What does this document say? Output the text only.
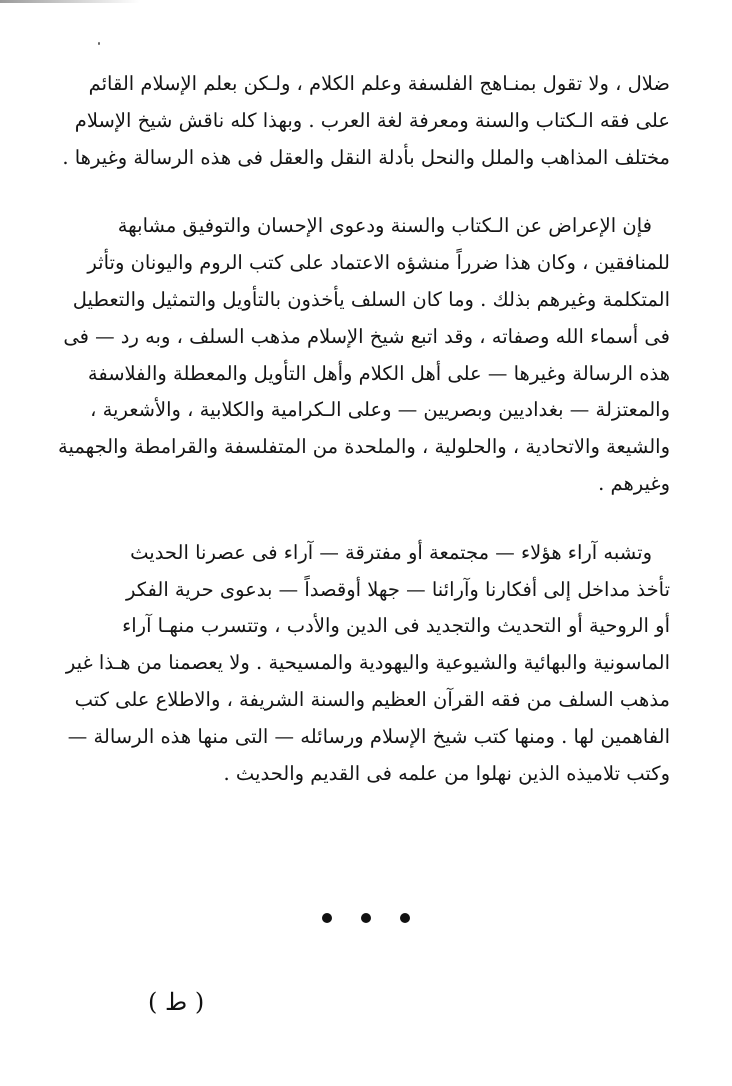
ضلال ، ولا تقول بمنـاهج الفلسفة وعلم الكلام ، ولـكن بعلم الإسلام القائم
على فقه الـكتاب والسنة ومعرفة لغة العرب . وبهذا كله ناقش شيخ الإسلام
مختلف المذاهب والملل والنحل بأدلة النقل والعقل فى هذه الرسالة وغيرها .

فإن الإعراض عن الـكتاب والسنة ودعوى الإحسان والتوفيق مشابهة
للمنافقين ، وكان هذا ضرراً منشؤه الاعتماد على كتب الروم واليونان وتأثر
المتكلمة وغيرهم بذلك . وما كان السلف يأخذون بالتأويل والتمثيل والتعطيل
فى أسماء الله وصفاته ، وقد اتبع شيخ الإسلام مذهب السلف ، وبه رد — فى
هذه الرسالة وغيرها — على أهل الكلام وأهل التأويل والمعطلة والفلاسفة
والمعتزلة — بغداديين وبصريين — وعلى الـكرامية والكلابية ، والأشعرية ،
والشيعة والاتحادية ، والحلولية ، والملحدة من المتفلسفة والقرامطة والجهمية
وغيرهم .

وتشبه آراء هؤلاء — مجتمعة أو مفترقة — آراء فى عصرنا الحديث
تأخذ مداخل إلى أفكارنا وآرائنا — جهلا أوقصداً — بدعوى حرية الفكر
أو الروحية أو التحديث والتجديد فى الدين والأدب ، وتتسرب منهـا آراء
الماسونية والبهائية والشيوعية واليهودية والمسيحية . ولا يعصمنا من هـذا غير
مذهب السلف من فقه القرآن العظيم والسنة الشريفة ، والاطلاع على كتب
الفاهمين لها . ومنها كتب شيخ الإسلام ورسائله — التى منها هذه الرسالة —
وكتب تلاميذه الذين نهلوا من علمه فى القديم والحديث .

( ط )
